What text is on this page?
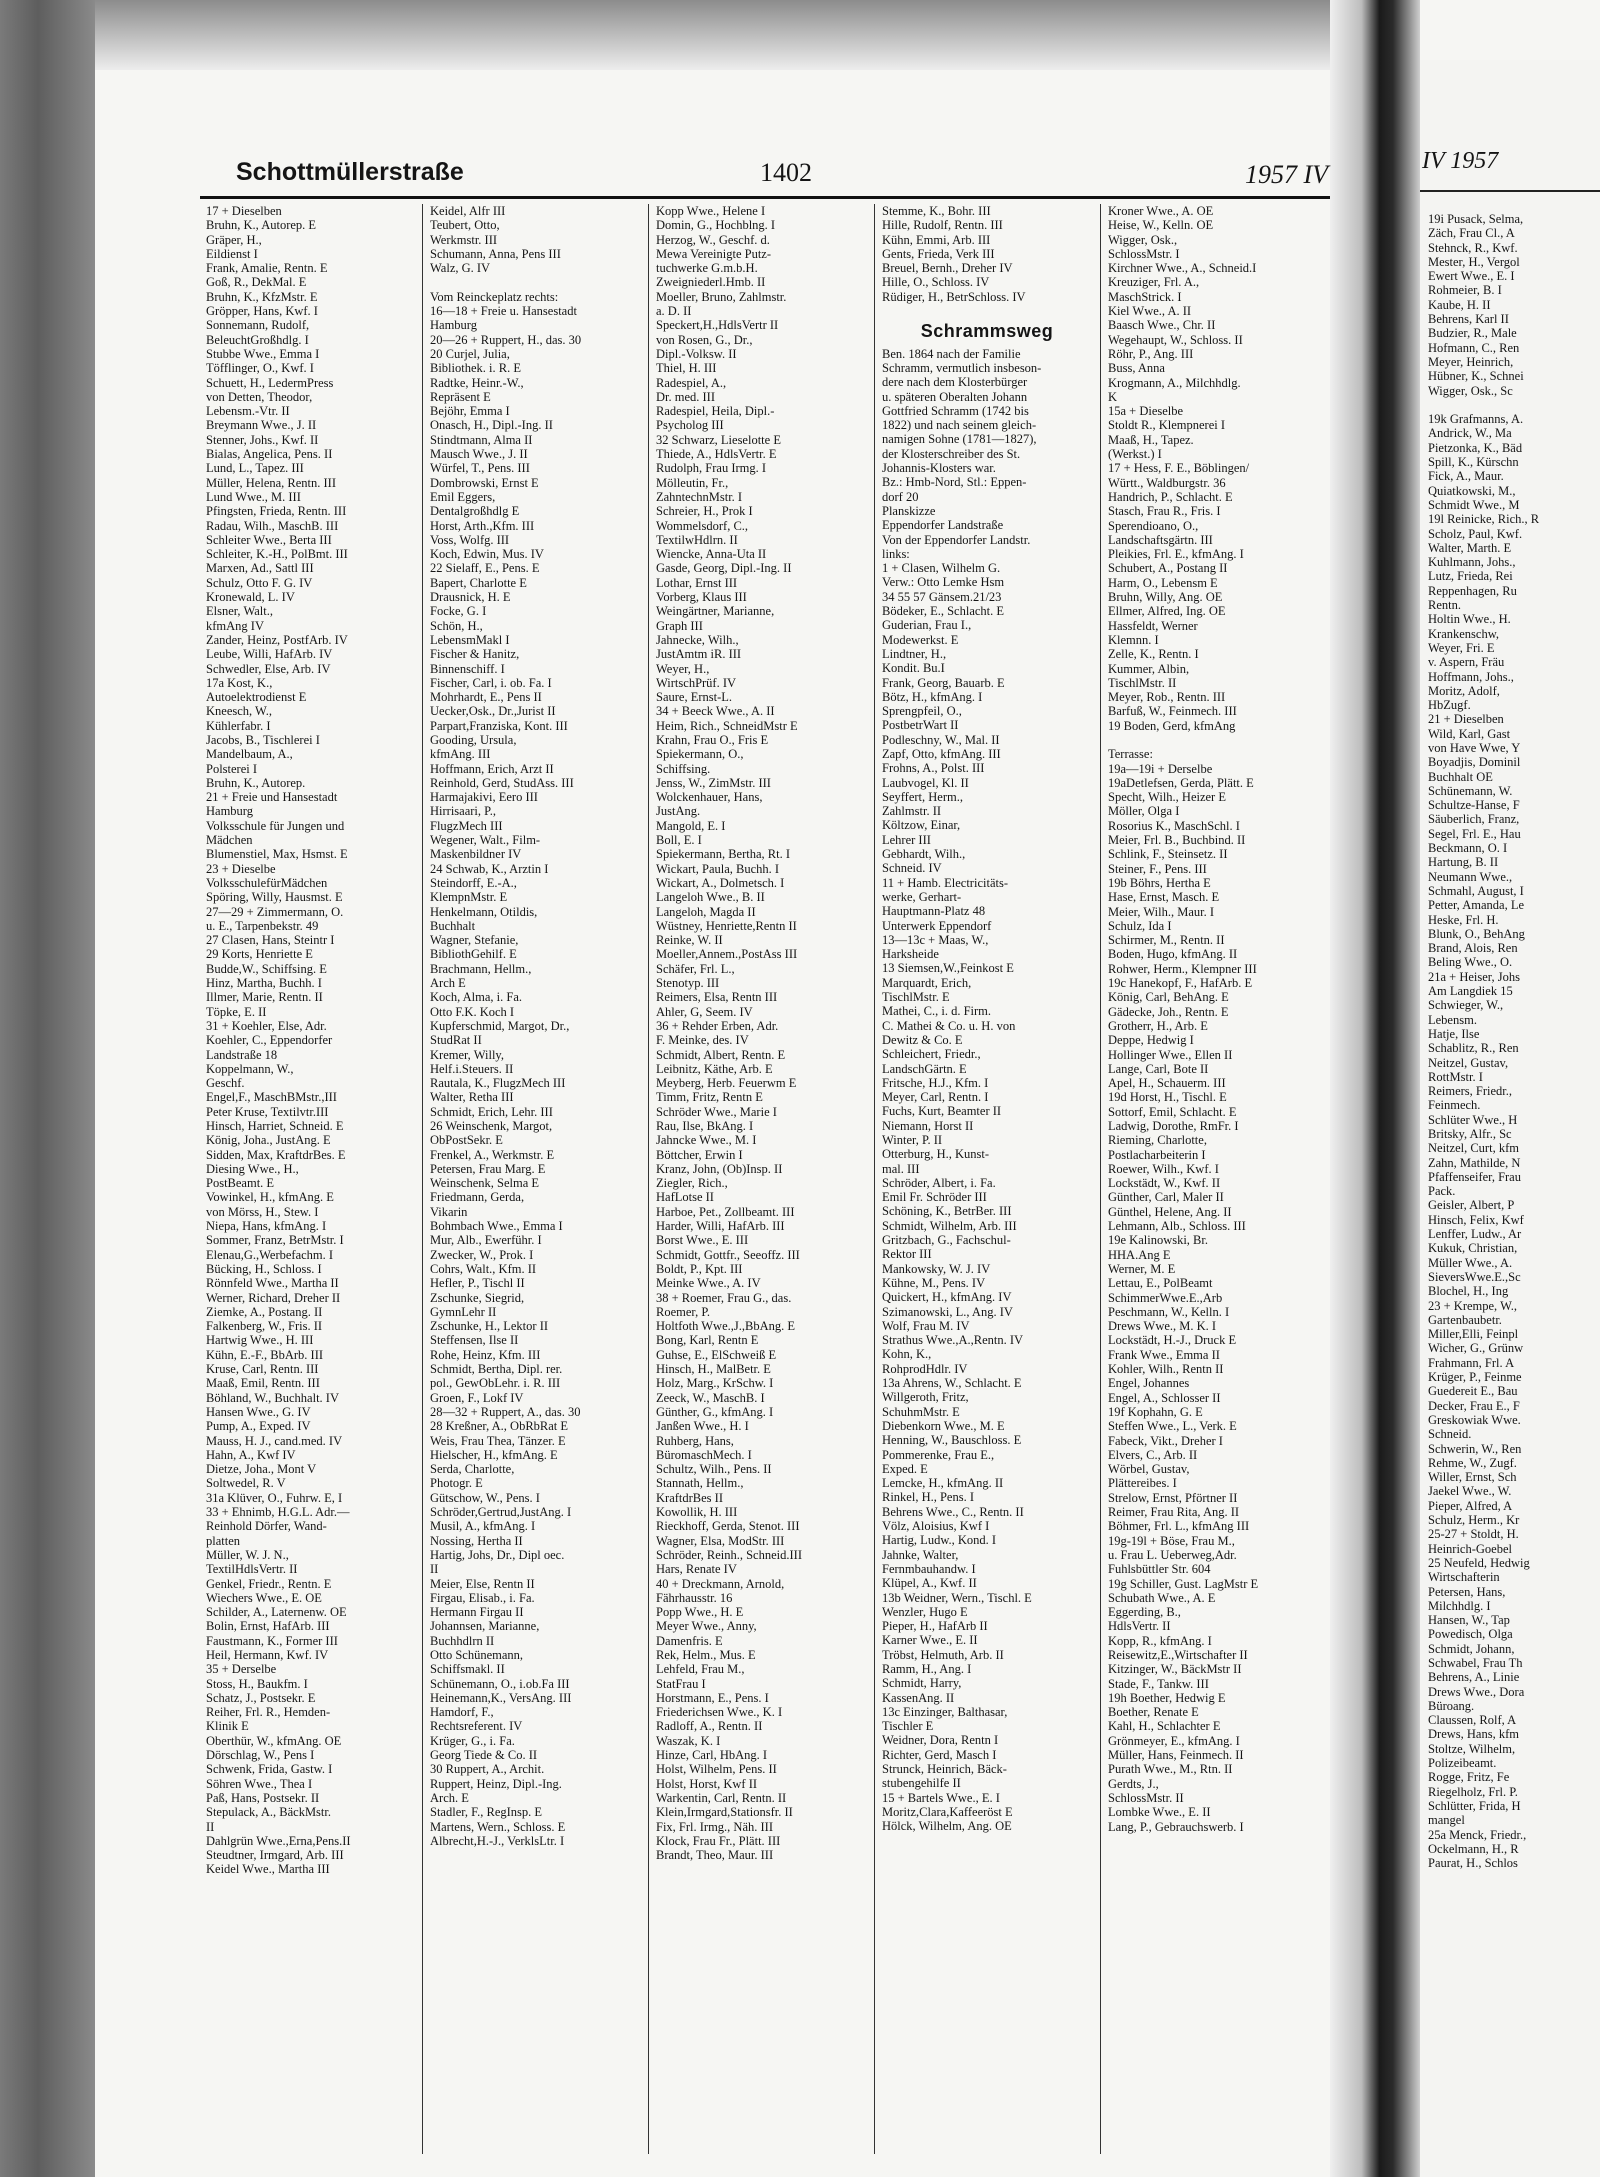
IV 1957
19i Pusack, Selma,
Zäch, Frau Cl., A
Stehnck, R., Kwf.
Mester, H., Vergol
Ewert Wwe., E. I
Rohmeier, B. I
Kaube, H. II
Behrens, Karl II
Budzier, R., Male
Hofmann, C., Ren
Meyer, Heinrich,
Hübner, K., Schnei
Wigger, Osk., Sc

19k Grafmanns, A.
Andrick, W., Ma
Pietzonka, K., Bäd
Spill, K., Kürschn
Fick, A., Maur.
Quiatkowski, M.,
Schmidt Wwe., M
19l Reinicke, Rich., R
Scholz, Paul, Kwf.
Walter, Marth. E
Kuhlmann, Johs.,
Lutz, Frieda, Rei
Reppenhagen, Ru
Rentn.
Holtin Wwe., H.
Krankenschw,
Weyer, Fri. E
v. Aspern, Fräu
Hoffmann, Johs.,
Moritz, Adolf,
HbZugf.
21 + Dieselben
Wild, Karl, Gast
von Have Wwe, Y
Boyadjis, Dominil
Buchhalt OE
Schünemann, W.
Schultze-Hanse, F
Säuberlich, Franz,
Segel, Frl. E., Hau
Beckmann, O. I
Hartung, B. II
Neumann Wwe.,
Schmahl, August, I
Petter, Amanda, Le
Heske, Frl. H.
Blunk, O., BehAng
Brand, Alois, Ren
Beling Wwe., O.
21a + Heiser, Johs
Am Langdiek 15
Schwieger, W.,
Lebensm.
Hatje, Ilse
Schablitz, R., Ren
Neitzel, Gustav,
RottMstr. I
Reimers, Friedr.,
Feinmech.
Schlüter Wwe., H
Britsky, Alfr., Sc
Neitzel, Curt, kfm
Zahn, Mathilde, N
Pfaffenseifer, Frau
Pack.
Geisler, Albert, P
Hinsch, Felix, Kwf
Lenffer, Ludw., Ar
Kukuk, Christian,
Müller Wwe., A.
SieversWwe.E.,Sc
Blochel, H., Ing
23 + Krempe, W.,
Gartenbaubetr.
Miller,Elli, Feinpl
Wicher, G., Grünw
Frahmann, Frl. A
Krüger, P., Feinme
Guedereit E., Bau
Decker, Frau E., F
Greskowiak Wwe.
Schneid.
Schwerin, W., Ren
Rehme, W., Zugf.
Willer, Ernst, Sch
Jaekel Wwe., W.
Pieper, Alfred, A
Schulz, Herm., Kr
25-27 + Stoldt, H.
Heinrich-Goebel
25 Neufeld, Hedwig
Wirtschafterin
Petersen, Hans,
Milchhdlg. I
Hansen, W., Tap
Powedisch, Olga
Schmidt, Johann,
Schwabel, Frau Th
Behrens, A., Linie
Drews Wwe., Dora
Büroang.
Claussen, Rolf, A
Drews, Hans, kfm
Stoltze, Wilhelm,
Polizeibeamt.
Rogge, Fritz, Fe
Riegelholz, Frl. P.
Schlütter, Frida, H
mangel
25a Menck, Friedr.,
Ockelmann, H., R
Paurat, H., Schlos
Schottmüllerstraße	1402	1957 IV
17 + Dieselben
Bruhn, K., Autorep. E
Gräper, H.,
Eildienst I
Frank, Amalie, Rentn. E
Goß, R., DekMal. E
Bruhn, K., KfzMstr. E
Gröpper, Hans, Kwf. I
Sonnemann, Rudolf,
BeleuchtGroßhdlg. I
Stubbe Wwe., Emma I
Töfflinger, O., Kwf. I
Schuett, H., LedermPress
von Detten, Theodor,
Lebensm.-Vtr. II
Breymann Wwe., J. II
Stenner, Johs., Kwf. II
Bialas, Angelica, Pens. II
Lund, L., Tapez. III
Müller, Helena, Rentn. III
Lund Wwe., M. III
Pfingsten, Frieda, Rentn. III
Radau, Wilh., MaschB. III
Schleiter Wwe., Berta III
Schleiter, K.-H., PolBmt. III
Marxen, Ad., Sattl III
Schulz, Otto F. G. IV
Kronewald, L. IV
Elsner, Walt.,
kfmAng IV
Zander, Heinz, PostfArb. IV
Leube, Willi, HafArb. IV
Schwedler, Else, Arb. IV
17a Kost, K.,
Autoelektrodienst E
Kneesch, W.,
Kühlerfabr. I
Jacobs, B., Tischlerei I
Mandelbaum, A.,
Polsterei I
Bruhn, K., Autorep.
21 + Freie und Hansestadt
Hamburg
Volksschule für Jungen und
Mädchen
Blumenstiel, Max, Hsmst. E
23 + Dieselbe
VolksschulefürMädchen
Spöring, Willy, Hausmst. E
27—29 + Zimmermann, O.
u. E., Tarpenbekstr. 49
27 Clasen, Hans, Steintr I
29 Korts, Henriette E
Budde,W., Schiffsing. E
Hinz, Martha, Buchh. I
Illmer, Marie, Rentn. II
Töpke, E. II
31 + Koehler, Else, Adr.
Koehler, C., Eppendorfer
Landstraße 18
Koppelmann, W.,
Geschf.
Engel,F., MaschBMstr.,III
Peter Kruse, Textilvtr.III
Hinsch, Harriet, Schneid. E
König, Joha., JustAng. E
Sidden, Max, KraftdrBes. E
Diesing Wwe., H.,
PostBeamt. E
Vowinkel, H., kfmAng. E
von Mörss, H., Stew. I
Niepa, Hans, kfmAng. I
Sommer, Franz, BetrMstr. I
Elenau,G.,Werbefachm. I
Bücking, H., Schloss. I
Rönnfeld Wwe., Martha II
Werner, Richard, Dreher II
Ziemke, A., Postang. II
Falkenberg, W., Fris. II
Hartwig Wwe., H. III
Kühn, E.-F., BbArb. III
Kruse, Carl, Rentn. III
Maaß, Emil, Rentn. III
Böhland, W., Buchhalt. IV
Hansen Wwe., G. IV
Pump, A., Exped. IV
Mauss, H. J., cand.med. IV
Hahn, A., Kwf IV
Dietze, Joha., Mont V
Soltwedel, R. V
31a Klüver, O., Fuhrw. E, I
33 + Ehnimb, H.G.L. Adr.—
Reinhold Dörfer, Wand-
platten
Müller, W. J. N.,
TextilHdlsVertr. II
Genkel, Friedr., Rentn. E
Wiechers Wwe., E. OE
Schilder, A., Laternenw. OE
Bolin, Ernst, HafArb. III
Faustmann, K., Former III
Heil, Hermann, Kwf. IV
35 + Derselbe
Stoss, H., Baukfm. I
Schatz, J., Postsekr. E
Reiher, Frl. R., Hemden-
Klinik E
Oberthür, W., kfmAng. OE
Dörschlag, W., Pens I
Schwenk, Frida, Gastw. I
Söhren Wwe., Thea I
Paß, Hans, Postsekr. II
Stepulack, A., BäckMstr.
II
Dahlgrün Wwe.,Erna,Pens.II
Steudtner, Irmgard, Arb. III
Keidel Wwe., Martha III
Keidel, Alfr III
Teubert, Otto,
Werkmstr. III
Schumann, Anna, Pens III
Walz, G. IV

Vom Reinckeplatz rechts:
16—18 + Freie u. Hansestadt
Hamburg
20—26 + Ruppert, H., das. 30
20 Curjel, Julia,
Bibliothek. i. R. E
Radtke, Heinr.-W.,
Repräsent E
Bejöhr, Emma I
Onasch, H., Dipl.-Ing. II
Stindtmann, Alma II
Mausch Wwe., J. II
Würfel, T., Pens. III
Dombrowski, Ernst E
Emil Eggers,
Dentalgroßhdlg E
Horst, Arth.,Kfm. III
Voss, Wolfg. III
Koch, Edwin, Mus. IV
22 Sielaff, E., Pens. E
Bapert, Charlotte E
Drausnick, H. E
Focke, G. I
Schön, H.,
LebensmMakl I
Fischer & Hanitz,
Binnenschiff. I
Fischer, Carl, i. ob. Fa. I
Mohrhardt, E., Pens II
Uecker,Osk., Dr.,Jurist II
Parpart,Franziska, Kont. III
Gooding, Ursula,
kfmAng. III
Hoffmann, Erich, Arzt II
Reinhold, Gerd, StudAss. III
Harmajakivi, Eero III
Hirrisaari, P.,
FlugzMech III
Wegener, Walt., Film-
Maskenbildner IV
24 Schwab, K., Arztin I
Steindorff, E.-A.,
KlempnMstr. E
Henkelmann, Otildis,
Buchhalt
Wagner, Stefanie,
BibliothGehilf. E
Brachmann, Hellm.,
Arch E
Koch, Alma, i. Fa.
Otto F.K. Koch I
Kupferschmid, Margot, Dr.,
StudRat II
Kremer, Willy,
Helf.i.Steuers. II
Rautala, K., FlugzMech III
Walter, Retha III
Schmidt, Erich, Lehr. III
26 Weinschenk, Margot,
ObPostSekr. E
Frenkel, A., Werkmstr. E
Petersen, Frau Marg. E
Weinschenk, Selma E
Friedmann, Gerda,
Vikarin
Bohmbach Wwe., Emma I
Mur, Alb., Ewerführ. I
Zwecker, W., Prok. I
Cohrs, Walt., Kfm. II
Hefler, P., Tischl II
Zschunke, Siegrid,
GymnLehr II
Zschunke, H., Lektor II
Steffensen, Ilse II
Rohe, Heinz, Kfm. III
Schmidt, Bertha, Dipl. rer.
pol., GewObLehr. i. R. III
Groen, F., Lokf IV
28—32 + Ruppert, A., das. 30
28 Kreßner, A., ObRbRat E
Weis, Frau Thea, Tänzer. E
Hielscher, H., kfmAng. E
Serda, Charlotte,
Photogr. E
Gütschow, W., Pens. I
Schröder,Gertrud,JustAng. I
Musil, A., kfmAng. I
Nossing, Hertha II
Hartig, Johs, Dr., Dipl oec.
II
Meier, Else, Rentn II
Firgau, Elisab., i. Fa.
Hermann Firgau II
Johannsen, Marianne,
Buchhdlrn II
Otto Schünemann,
Schiffsmakl. II
Schünemann, O., i.ob.Fa III
Heinemann,K., VersAng. III
Hamdorf, F.,
Rechtsreferent. IV
Krüger, G., i. Fa.
Georg Tiede & Co. II
30 Ruppert, A., Archit.
Ruppert, Heinz, Dipl.-Ing.
Arch. E
Stadler, F., RegInsp. E
Martens, Wern., Schloss. E
Albrecht,H.-J., VerklsLtr. I
Kopp Wwe., Helene I
Domin, G., Hochblng. I
Herzog, W., Geschf. d.
Mewa Vereinigte Putz-
tuchwerke G.m.b.H.
Zweigniederl.Hmb. II
Moeller, Bruno, Zahlmstr.
a. D. II
Speckert,H.,HdlsVertr II
von Rosen, G., Dr.,
Dipl.-Volksw. II
Thiel, H. III
Radespiel, A.,
Dr. med. III
Radespiel, Heila, Dipl.-
Psycholog III
32 Schwarz, Lieselotte E
Thiede, A., HdlsVertr. E
Rudolph, Frau Irmg. I
Mölleutin, Fr.,
ZahntechnMstr. I
Schreier, H., Prok I
Wommelsdorf, C.,
TextilwHdlrn. II
Wiencke, Anna-Uta II
Gasde, Georg, Dipl.-Ing. II
Lothar, Ernst III
Vorberg, Klaus III
Weingärtner, Marianne,
Graph III
Jahnecke, Wilh.,
JustAmtm iR. III
Weyer, H.,
WirtschPrüf. IV
Saure, Ernst-L.
34 + Beeck Wwe., A. II
Heim, Rich., SchneidMstr E
Krahn, Frau O., Fris E
Spiekermann, O.,
Schiffsing.
Jenss, W., ZimMstr. III
Wolckenhauer, Hans,
JustAng.
Mangold, E. I
Boll, E. I
Spiekermann, Bertha, Rt. I
Wickart, Paula, Buchh. I
Wickart, A., Dolmetsch. I
Langeloh Wwe., B. II
Langeloh, Magda II
Wüstney, Henriette,Rentn II
Reinke, W. II
Moeller,Annem.,PostAss III
Schäfer, Frl. L.,
Stenotyp. III
Reimers, Elsa, Rentn III
Ahler, G, Seem. IV
36 + Rehder Erben, Adr.
F. Meinke, des. IV
Schmidt, Albert, Rentn. E
Leibnitz, Käthe, Arb. E
Meyberg, Herb. Feuerwm E
Timm, Fritz, Rentn E
Schröder Wwe., Marie I
Rau, Ilse, BkAng. I
Jahncke Wwe., M. I
Böttcher, Erwin I
Kranz, John, (Ob)Insp. II
Ziegler, Rich.,
HafLotse II
Harboe, Pet., Zollbeamt. III
Harder, Willi, HafArb. III
Borst Wwe., E. III
Schmidt, Gottfr., Seeoffz. III
Boldt, P., Kpt. III
Meinke Wwe., A. IV
38 + Roemer, Frau G., das.
Roemer, P.
Holtfoth Wwe.,J.,BbAng. E
Bong, Karl, Rentn E
Guhse, E., ElSchweiß E
Hinsch, H., MalBetr. E
Holz, Marg., KrSchw. I
Zeeck, W., MaschB. I
Günther, G., kfmAng. I
Janßen Wwe., H. I
Ruhberg, Hans,
BüromaschMech. I
Schultz, Wilh., Pens. II
Stannath, Hellm.,
KraftdrBes II
Kowollik, H. III
Rieckhoff, Gerda, Stenot. III
Wagner, Elsa, ModStr. III
Schröder, Reinh., Schneid.III
Hars, Renate IV
40 + Dreckmann, Arnold,
Fährhausstr. 16
Popp Wwe., H. E
Meyer Wwe., Anny,
Damenfris. E
Rek, Helm., Mus. E
Lehfeld, Frau M.,
StatFrau I
Horstmann, E., Pens. I
Friederichsen Wwe., K. I
Radloff, A., Rentn. II
Waszak, K. I
Hinze, Carl, HbAng. I
Holst, Wilhelm, Pens. II
Holst, Horst, Kwf II
Warkentin, Carl, Rentn. II
Klein,Irmgard,Stationsfr. II
Fix, Frl. Irmg., Näh. III
Klock, Frau Fr., Plätt. III
Brandt, Theo, Maur. III
Stemme, K., Bohr. III
Hille, Rudolf, Rentn. III
Kühn, Emmi, Arb. III
Gents, Frieda, Verk III
Breuel, Bernh., Dreher IV
Hille, O., Schloss. IV
Rüdiger, H., BetrSchloss. IV

Schrammsweg
Ben. 1864 nach der Familie
Schramm, vermutlich insbeson-
dere nach dem Klosterbürger
u. späteren Oberalten Johann
Gottfried Schramm (1742 bis
1822) und nach seinem gleich-
namigen Sohne (1781—1827),
der Klosterschreiber des St.
Johannis-Klosters war.
Bz.: Hmb-Nord, Stl.: Eppen-
dorf 20
Planskizze
Eppendorfer Landstraße
Von der Eppendorfer Landstr.
links:
1 + Clasen, Wilhelm G.
Verw.: Otto Lemke Hsm
34 55 57 Gänsem.21/23
Bödeker, E., Schlacht. E
Guderian, Frau I.,
Modewerkst. E
Lindtner, H.,
Kondit. Bu.I
Frank, Georg, Bauarb. E
Bötz, H., kfmAng. I
Sprengpfeil, O.,
PostbetrWart II
Podleschny, W., Mal. II
Zapf, Otto, kfmAng. III
Frohns, A., Polst. III
Laubvogel, Kl. II
Seyffert, Herm.,
Zahlmstr. II
Költzow, Einar,
Lehrer III
Gebhardt, Wilh.,
Schneid. IV
11 + Hamb. Electricitäts-
werke, Gerhart-
Hauptmann-Platz 48
Unterwerk Eppendorf
13—13c + Maas, W.,
Harksheide
13 Siemsen,W.,Feinkost E
Marquardt, Erich,
TischlMstr. E
Mathei, C., i. d. Firm.
C. Mathei & Co. u. H. von
Dewitz & Co. E
Schleichert, Friedr.,
LandschGärtn. E
Fritsche, H.J., Kfm. I
Meyer, Carl, Rentn. I
Fuchs, Kurt, Beamter II
Niemann, Horst II
Winter, P. II
Otterburg, H., Kunst-
mal. III
Schröder, Albert, i. Fa.
Emil Fr. Schröder III
Schöning, K., BetrBer. III
Schmidt, Wilhelm, Arb. III
Gritzbach, G., Fachschul-
Rektor III
Mankowsky, W. J. IV
Kühne, M., Pens. IV
Quickert, H., kfmAng. IV
Szimanowski, L., Ang. IV
Wolf, Frau M. IV
Strathus Wwe.,A.,Rentn. IV
Kohn, K.,
RohprodHdlr. IV
13a Ahrens, W., Schlacht. E
Willgeroth, Fritz,
SchuhmMstr. E
Diebenkorn Wwe., M. E
Henning, W., Bauschloss. E
Pommerenke, Frau E.,
Exped. E
Lemcke, H., kfmAng. II
Rinkel, H., Pens. I
Behrens Wwe., C., Rentn. II
Völz, Aloisius, Kwf I
Hartig, Ludw., Kond. I
Jahnke, Walter,
Fernmbauhandw. I
Klüpel, A., Kwf. II
13b Weidner, Wern., Tischl. E
Wenzler, Hugo E
Pieper, H., HafArb II
Karner Wwe., E. II
Tröbst, Helmuth, Arb. II
Ramm, H., Ang. I
Schmidt, Harry,
KassenAng. II
13c Einzinger, Balthasar,
Tischler E
Weidner, Dora, Rentn I
Richter, Gerd, Masch I
Strunck, Heinrich, Bäck-
stubengehilfe II
15 + Bartels Wwe., E. I
Moritz,Clara,Kaffeeröst E
Hölck, Wilhelm, Ang. OE
Kroner Wwe., A. OE
Heise, W., Kelln. OE
Wigger, Osk.,
SchlossMstr. I
Kirchner Wwe., A., Schneid.I
Kreuziger, Frl. A.,
MaschStrick. I
Kiel Wwe., A. II
Baasch Wwe., Chr. II
Wegehaupt, W., Schloss. II
Röhr, P., Ang. III
Buss, Anna
Krogmann, A., Milchhdlg.
K
15a + Dieselbe
Stoldt R., Klempnerei I
Maaß, H., Tapez.
(Werkst.) I
17 + Hess, F. E., Böblingen/
Württ., Waldburgstr. 36
Handrich, P., Schlacht. E
Stasch, Frau R., Fris. I
Sperendioano, O.,
Landschaftsgärtn. III
Pleikies, Frl. E., kfmAng. I
Schubert, A., Postang II
Harm, O., Lebensm E
Bruhn, Willy, Ang. OE
Ellmer, Alfred, Ing. OE
Hassfeldt, Werner
Klemnn. I
Zelle, K., Rentn. I
Kummer, Albin,
TischlMstr. II
Meyer, Rob., Rentn. III
Barfuß, W., Feinmech. III
19 Boden, Gerd, kfmAng

Terrasse:
19a—19i + Derselbe
19aDetlefsen, Gerda, Plätt. E
Specht, Wilh., Heizer E
Möller, Olga I
Rosorius K., MaschSchl. I
Meier, Frl. B., Buchbind. II
Schlink, F., Steinsetz. II
Steiner, F., Pens. III
19b Böhrs, Hertha E
Hase, Ernst, Masch. E
Meier, Wilh., Maur. I
Schulz, Ida I
Schirmer, M., Rentn. II
Boden, Hugo, kfmAng. II
Rohwer, Herm., Klempner III
19c Hanekopf, F., HafArb. E
König, Carl, BehAng. E
Gädecke, Joh., Rentn. E
Grotherr, H., Arb. E
Deppe, Hedwig I
Hollinger Wwe., Ellen II
Lange, Carl, Bote II
Apel, H., Schauerm. III
19d Horst, H., Tischl. E
Sottorf, Emil, Schlacht. E
Ladwig, Dorothe, RmFr. I
Rieming, Charlotte,
Postlacharbeiterin I
Roewer, Wilh., Kwf. I
Lockstädt, W., Kwf. II
Günther, Carl, Maler II
Günthel, Helene, Ang. II
Lehmann, Alb., Schloss. III
19e Kalinowski, Br.
HHA.Ang E
Werner, M. E
Lettau, E., PolBeamt
SchimmerWwe.E.,Arb
Peschmann, W., Kelln. I
Drews Wwe., M. K. I
Lockstädt, H.-J., Druck E
Frank Wwe., Emma II
Kohler, Wilh., Rentn II
Engel, Johannes
Engel, A., Schlosser II
19f Kophahn, G. E
Steffen Wwe., L., Verk. E
Fabeck, Vikt., Dreher I
Elvers, C., Arb. II
Wörbel, Gustav,
Plättereibes. I
Strelow, Ernst, Pförtner II
Reimer, Frau Rita, Ang. II
Böhmer, Frl. L., kfmAng III
19g-19l + Böse, Frau M.,
u. Frau L. Ueberweg,Adr.
Fuhlsbüttler Str. 604
19g Schiller, Gust. LagMstr E
Schubath Wwe., A. E
Eggerding, B.,
HdlsVertr. II
Kopp, R., kfmAng. I
Reisewitz,E.,Wirtschafter II
Kitzinger, W., BäckMstr II
Stade, F., Tankw. III
19h Boether, Hedwig E
Boether, Renate E
Kahl, H., Schlachter E
Grönmeyer, E., kfmAng. I
Müller, Hans, Feinmech. II
Purath Wwe., M., Rtn. II
Gerdts, J.,
SchlossMstr. II
Lombke Wwe., E. II
Lang, P., Gebrauchswerb. I
